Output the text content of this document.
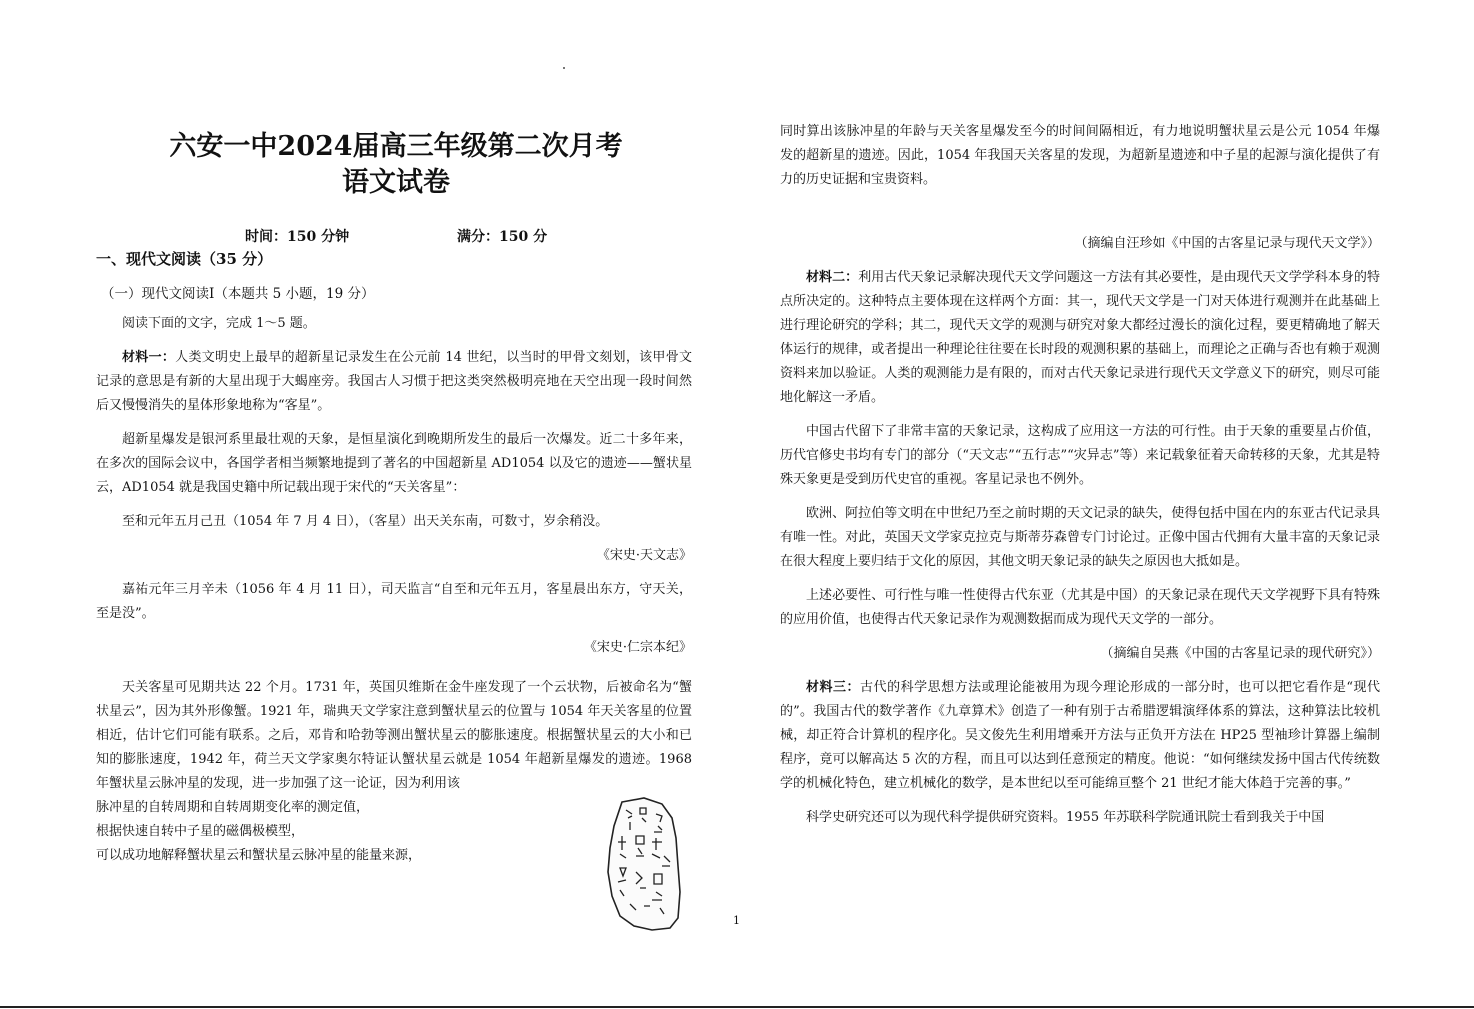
六安一中2024届高三年级第二次月考
语文试卷
时间：150 分钟	满分：150 分
一、现代文阅读（35 分）
（一）现代文阅读Ⅰ（本题共 5 小题，19 分）

阅读下面的文字，完成 1～5 题。

材料一：人类文明史上最早的超新星记录发生在公元前 14 世纪，以当时的甲骨文刻划，该甲骨文记录的意思是有新的大星出现于大蝎座旁。我国古人习惯于把这类突然极明亮地在天空出现一段时间然后又慢慢消失的星体形象地称为“客星”。

超新星爆发是银河系里最壮观的天象，是恒星演化到晚期所发生的最后一次爆发。近二十多年来，在多次的国际会议中，各国学者相当频繁地提到了著名的中国超新星 AD1054 以及它的遗迹——蟹状星云，AD1054 就是我国史籍中所记载出现于宋代的“天关客星”：

至和元年五月己丑（1054 年 7 月 4 日），（客星）出天关东南，可数寸，岁余稍没。

《宋史·天文志》

嘉祐元年三月辛未（1056 年 4 月 11 日），司天监言“自至和元年五月，客星晨出东方，守天关，至是没”。

《宋史·仁宗本纪》

天关客星可见期共达 22 个月。1731 年，英国贝维斯在金牛座发现了一个云状物，后被命名为“蟹状星云”，因为其外形像蟹。1921 年，瑞典天文学家注意到蟹状星云的位置与 1054 年天关客星的位置相近，估计它们可能有联系。之后，邓肯和哈勃等测出蟹状星云的膨胀速度。根据蟹状星云的大小和已知的膨胀速度，1942 年，荷兰天文学家奥尔特证认蟹状星云就是 1054 年超新星爆发的遗迹。1968 年蟹状星云脉冲星的发现，进一步加强了这一论证，因为利用该

脉冲星的自转周期和自转周期变化率的测定值，

根据快速自转中子星的磁偶极模型，

可以成功地解释蟹状星云和蟹状星云脉冲星的能量来源，

同时算出该脉冲星的年龄与天关客星爆发至今的时间间隔相近，有力地说明蟹状星云是公元 1054 年爆发的超新星的遗迹。因此，1054 年我国天关客星的发现，为超新星遗迹和中子星的起源与演化提供了有力的历史证据和宝贵资料。

（摘编自汪珍如《中国的古客星记录与现代天文学》）

材料二：利用古代天象记录解决现代天文学问题这一方法有其必要性，是由现代天文学学科本身的特点所决定的。这种特点主要体现在这样两个方面：其一，现代天文学是一门对天体进行观测并在此基础上进行理论研究的学科；其二，现代天文学的观测与研究对象大都经过漫长的演化过程，要更精确地了解天体运行的规律，或者提出一种理论往往要在长时段的观测积累的基础上，而理论之正确与否也有赖于观测资料来加以验证。人类的观测能力是有限的，而对古代天象记录进行现代天文学意义下的研究，则尽可能地化解这一矛盾。

中国古代留下了非常丰富的天象记录，这构成了应用这一方法的可行性。由于天象的重要星占价值，历代官修史书均有专门的部分（“天文志”“五行志”“灾异志”等）来记载象征着天命转移的天象，尤其是特殊天象更是受到历代史官的重视。客星记录也不例外。

欧洲、阿拉伯等文明在中世纪乃至之前时期的天文记录的缺失，使得包括中国在内的东亚古代记录具有唯一性。对此，英国天文学家克拉克与斯蒂芬森曾专门讨论过。正像中国古代拥有大量丰富的天象记录在很大程度上要归结于文化的原因，其他文明天象记录的缺失之原因也大抵如是。

上述必要性、可行性与唯一性使得古代东亚（尤其是中国）的天象记录在现代天文学视野下具有特殊的应用价值，也使得古代天象记录作为观测数据而成为现代天文学的一部分。

（摘编自吴燕《中国的古客星记录的现代研究》）

材料三：古代的科学思想方法或理论能被用为现今理论形成的一部分时，也可以把它看作是“现代的”。我国古代的数学著作《九章算术》创造了一种有别于古希腊逻辑演绎体系的算法，这种算法比较机械，却正符合计算机的程序化。吴文俊先生利用增乘开方法与正负开方法在 HP25 型袖珍计算器上编制程序，竟可以解高达 5 次的方程，而且可以达到任意预定的精度。他说：“如何继续发扬中国古代传统数学的机械化特色，建立机械化的数学，是本世纪以至可能绵亘整个 21 世纪才能大体趋于完善的事。”

科学史研究还可以为现代科学提供研究资料。1955 年苏联科学院通讯院士看到我关于中国

1
